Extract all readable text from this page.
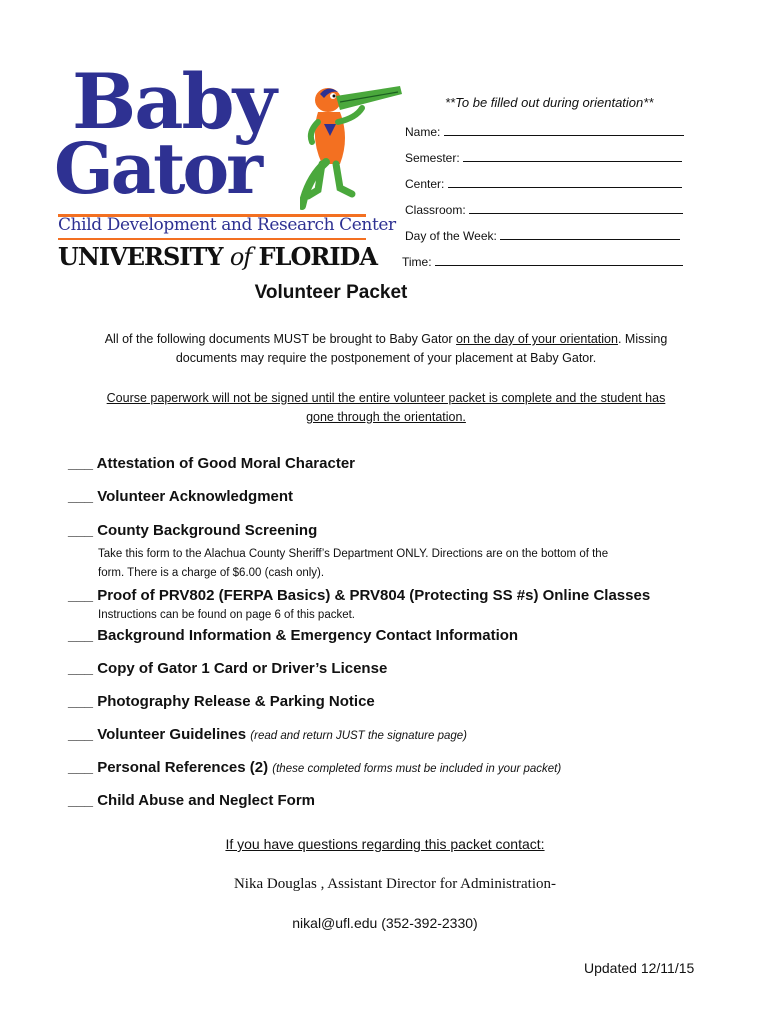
Baby
Gator
Child Development and Research Center
UNIVERSITY of FLORIDA
**To be filled out during orientation**
Name:
Semester:
Center:
Classroom:
Day of the Week:
Time:
Volunteer Packet
All of the following documents MUST be brought to Baby Gator on the day of your orientation. Missing
documents may require the postponement of your placement at Baby Gator.
Course paperwork will not be signed until the entire volunteer packet is complete and the student has
gone through the orientation.
___ Attestation of Good Moral Character
___ Volunteer Acknowledgment
___ County Background Screening
Take this form to the Alachua County Sheriff’s Department ONLY. Directions are on the bottom of the
form. There is a charge of $6.00 (cash only).
___ Proof of PRV802 (FERPA Basics) & PRV804 (Protecting SS #s) Online Classes
Instructions can be found on page 6 of this packet.
___ Background Information & Emergency Contact Information
___ Copy of Gator 1 Card or Driver’s License
___ Photography Release & Parking Notice
___ Volunteer Guidelines (read and return JUST the signature page)
___ Personal References (2) (these completed forms must be included in your packet)
___ Child Abuse and Neglect Form
If you have questions regarding this packet contact:
Nika Douglas , Assistant Director for Administration-
nikal@ufl.edu (352-392-2330)
Updated 12/11/15
